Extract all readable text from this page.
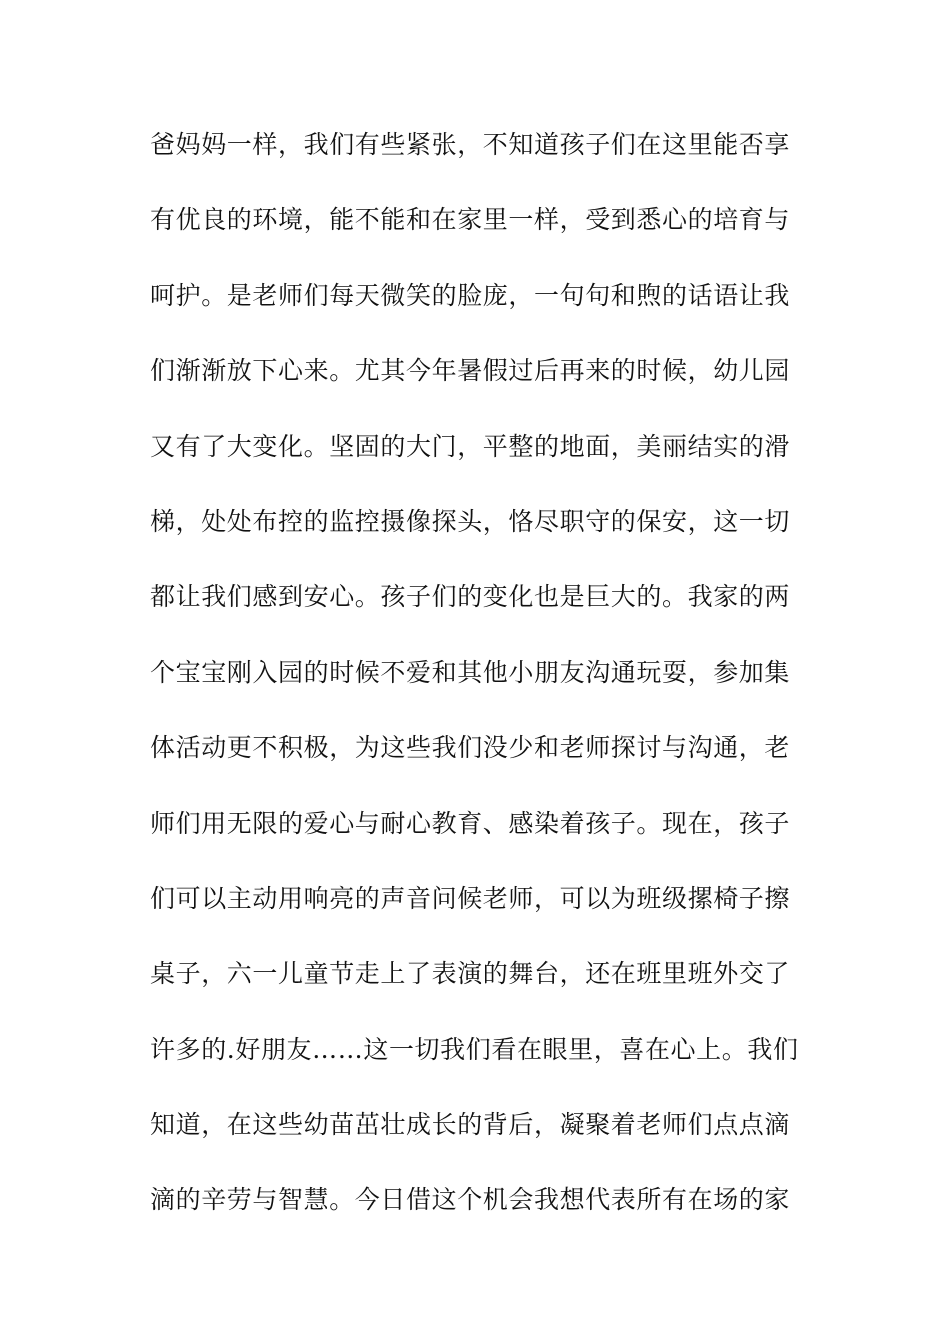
爸妈妈一样，我们有些紧张，不知道孩子们在这里能否享
有优良的环境，能不能和在家里一样，受到悉心的培育与
呵护。是老师们每天微笑的脸庞，一句句和煦的话语让我
们渐渐放下心来。尤其今年暑假过后再来的时候，幼儿园
又有了大变化。坚固的大门，平整的地面，美丽结实的滑
梯，处处布控的监控摄像探头，恪尽职守的保安，这一切
都让我们感到安心。孩子们的变化也是巨大的。我家的两
个宝宝刚入园的时候不爱和其他小朋友沟通玩耍，参加集
体活动更不积极，为这些我们没少和老师探讨与沟通，老
师们用无限的爱心与耐心教育、感染着孩子。现在，孩子
们可以主动用响亮的声音问候老师，可以为班级摞椅子擦
桌子，六一儿童节走上了表演的舞台，还在班里班外交了
许多的.好朋友……这一切我们看在眼里，喜在心上。我们
知道，在这些幼苗茁壮成长的背后，凝聚着老师们点点滴
滴的辛劳与智慧。今日借这个机会我想代表所有在场的家
